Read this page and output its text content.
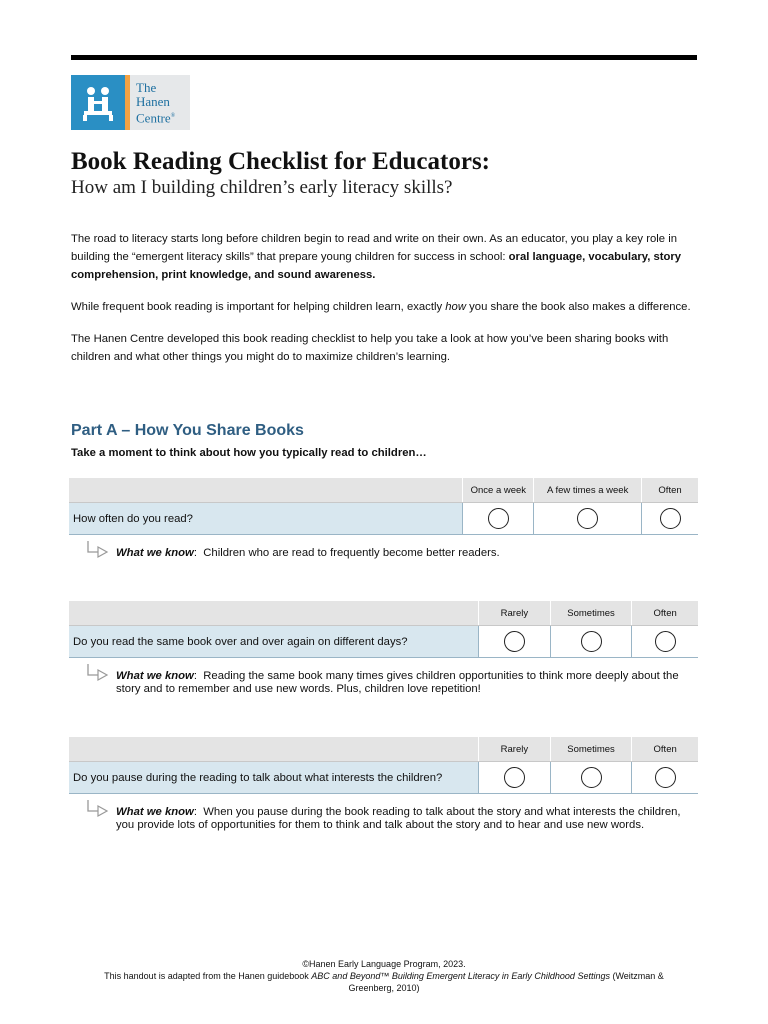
The
Hanen
Centre®
Book Reading Checklist for Educators:
How am I building children’s early literacy skills?

The road to literacy starts long before children begin to read and write on their own. As an educator, you play a key role in building the “emergent literacy skills” that prepare young children for success in school: oral language, vocabulary, story comprehension, print knowledge, and sound awareness.

While frequent book reading is important for helping children learn, exactly how you share the book also makes a difference.

The Hanen Centre developed this book reading checklist to help you take a look at how you’ve been sharing books with children and what other things you might do to maximize children’s learning.

Part A – How You Share Books
Take a moment to think about how you typically read to children…
Once a week	A few times a week	Often
How often do you read?
What we know:  Children who are read to frequently become better readers.
Rarely	Sometimes	Often
Do you read the same book over and over again on different days?
What we know:  Reading the same book many times gives children opportunities to think more deeply about the story and to remember and use new words. Plus, children love repetition!
Rarely	Sometimes	Often
Do you pause during the reading to talk about what interests the children?
What we know:  When you pause during the book reading to talk about the story and what interests the children, you provide lots of opportunities for them to think and talk about the story and to hear and use new words.

©Hanen Early Language Program, 2023.

This handout is adapted from the Hanen guidebook ABC and Beyond™ Building Emergent Literacy in Early Childhood Settings (Weitzman & Greenberg, 2010)
